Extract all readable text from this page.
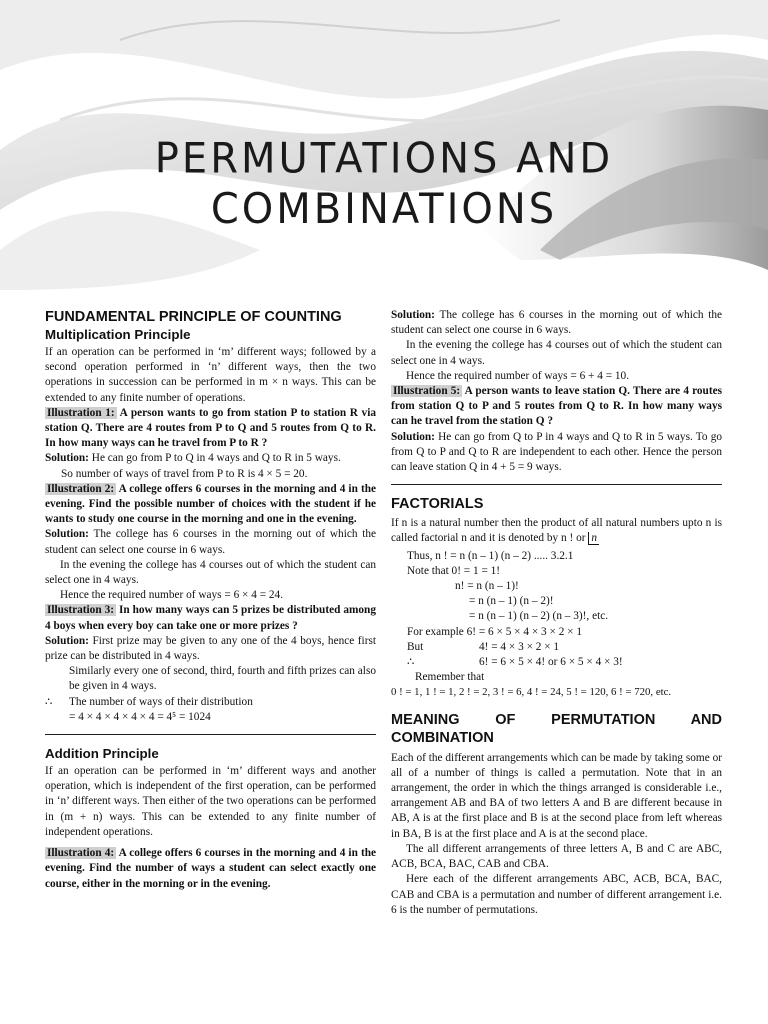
PERMUTATIONS AND
COMBINATIONS
FUNDAMENTAL PRINCIPLE OF COUNTING
Multiplication Principle

If an operation can be performed in ‘m’ different ways; followed by a second operation performed in ‘n’ different ways, then the two operations in succession can be performed in m × n ways. This can be extended to any finite number of operations.

Illustration 1: A person wants to go from station P to station R via station Q. There are 4 routes from P to Q and 5 routes from Q to R. In how many ways can he travel from P to R ?

Solution: He can go from P to Q in 4 ways and Q to R in 5 ways.

So number of ways of travel from P to R is 4 × 5 = 20.

Illustration 2: A college offers 6 courses in the morning and 4 in the evening. Find the possible number of choices with the student if he wants to study one course in the morning and one in the evening.

Solution: The college has 6 courses in the morning out of which the student can select one course in 6 ways.

In the evening the college has 4 courses out of which the student can select one in 4 ways.

Hence the required number of ways = 6 × 4 = 24.

Illustration 3: In how many ways can 5 prizes be distributed among 4 boys when every boy can take one or more prizes ?

Solution: First prize may be given to any one of the 4 boys, hence first prize can be distributed in 4 ways.

Similarly every one of second, third, fourth and fifth prizes can also be given in 4 ways.

∴ The number of ways of their distribution

= 4 × 4 × 4 × 4 × 4 = 4⁵ = 1024

Addition Principle

If an operation can be performed in ‘m’ different ways and another operation, which is independent of the first operation, can be performed in ‘n’ different ways. Then either of the two operations can be performed in (m + n) ways. This can be extended to any finite number of independent operations.

Illustration 4: A college offers 6 courses in the morning and 4 in the evening. Find the number of ways a student can select exactly one course, either in the morning or in the evening.

Solution: The college has 6 courses in the morning out of which the student can select one course in 6 ways.

In the evening the college has 4 courses out of which the student can select one in 4 ways.

Hence the required number of ways = 6 + 4 = 10.

Illustration 5: A person wants to leave station Q. There are 4 routes from station Q to P and 5 routes from Q to R. In how many ways can he travel from the station Q ?

Solution: He can go from Q to P in 4 ways and Q to R in 5 ways. To go from Q to P and Q to R are independent to each other. Hence the person can leave station Q in 4 + 5 = 9 ways.

FACTORIALS

If n is a natural number then the product of all natural numbers upto n is called factorial n and it is denoted by n ! or n

Thus, n ! = n (n – 1) (n – 2) ..... 3.2.1
Note that 0! = 1 = 1!
n! = n (n – 1)!
= n (n – 1) (n – 2)!
= n (n – 1) (n – 2) (n – 3)!, etc.
For example 6! = 6 × 5 × 4 × 3 × 2 × 1
But	4! = 4 × 3 × 2 × 1
∴	6! = 6 × 5 × 4! or 6 × 5 × 4 × 3!
Remember that
0 ! = 1, 1 ! = 1, 2 ! = 2, 3 ! = 6, 4 ! = 24, 5 ! = 120, 6 ! = 720, etc.
MEANING OF PERMUTATION AND COMBINATION

Each of the different arrangements which can be made by taking some or all of a number of things is called a permutation. Note that in an arrangement, the order in which the things arranged is considerable i.e., arrangement AB and BA of two letters A and B are different because in AB, A is at the first place and B is at the second place from left whereas in BA, B is at the first place and A is at the second place.

The all different arrangements of three letters A, B and C are ABC, ACB, BCA, BAC, CAB and CBA.

Here each of the different arrangements ABC, ACB, BCA, BAC, CAB and CBA is a permutation and number of different arrangement i.e. 6 is the number of permutations.
